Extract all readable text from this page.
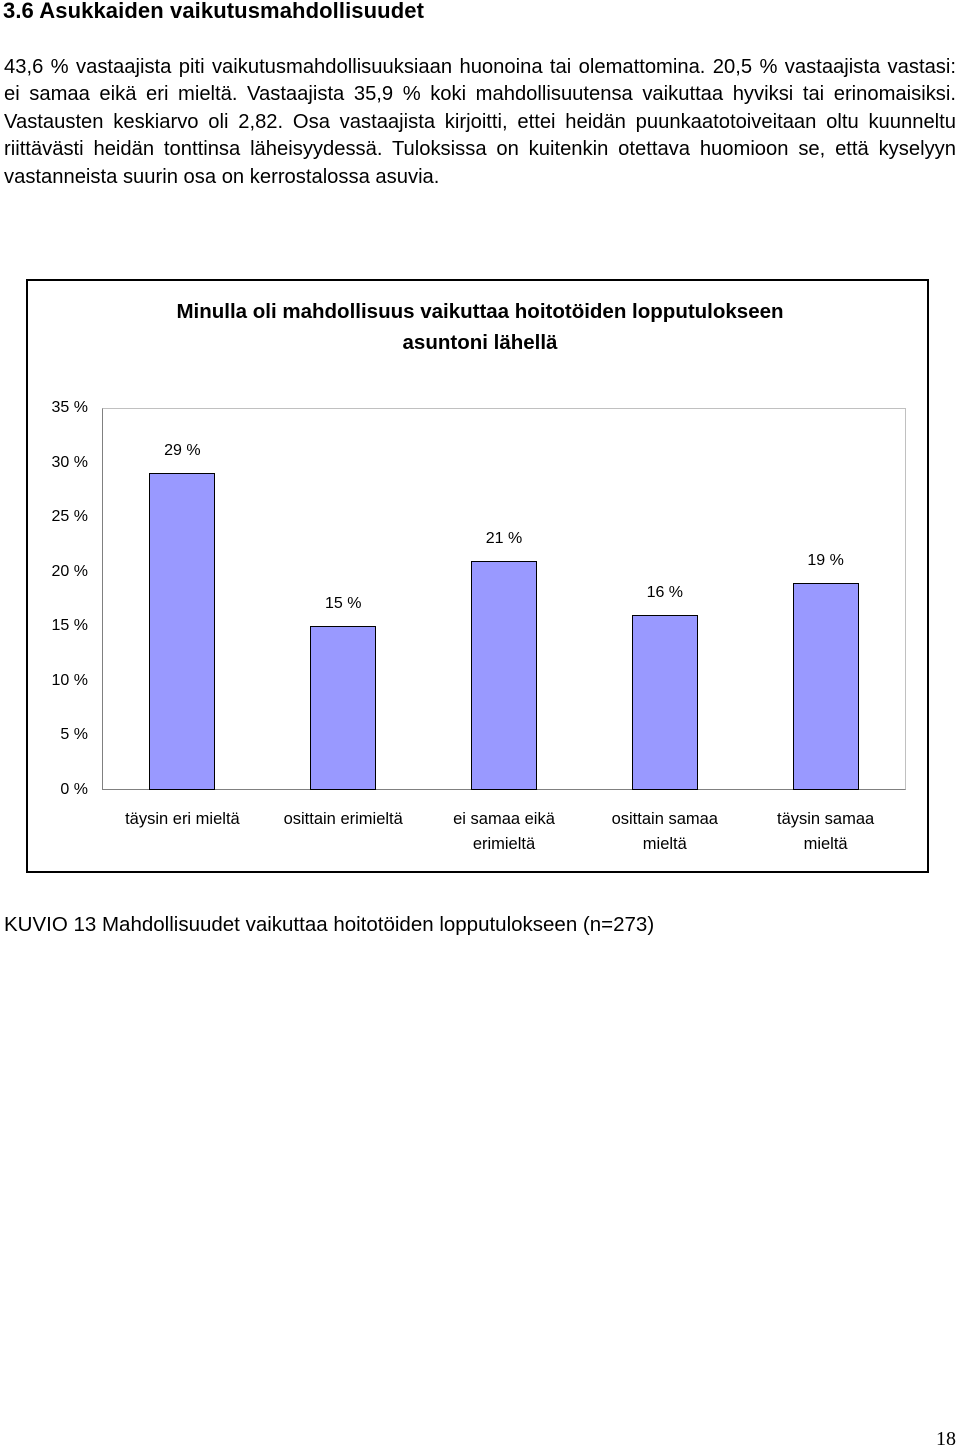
3.6 Asukkaiden vaikutusmahdollisuudet
43,6 % vastaajista piti vaikutusmahdollisuuksiaan huonoina tai olemattomina. 20,5 % vastaajista vastasi: ei samaa eikä eri mieltä. Vastaajista 35,9 % koki mahdollisuutensa vaikuttaa hyviksi tai erinomaisiksi. Vastausten keskiarvo oli 2,82. Osa vastaajista kirjoitti, ettei heidän puunkaatotoiveitaan oltu kuunneltu riittävästi heidän tonttinsa läheisyydessä. Tuloksissa on kuitenkin otettava huomioon se, että kyselyyn vastanneista suurin osa on kerrostalossa asuvia.
Minulla oli mahdollisuus vaikuttaa hoitotöiden lopputulokseen
asuntoni lähellä
0 %
5 %
10 %
15 %
20 %
25 %
30 %
35 %
29 %
15 %
21 %
16 %
19 %
täysin eri mieltä	osittain erimieltä	ei samaa eikä
erimieltä
osittain samaa
mieltä
täysin samaa
mieltä
KUVIO 13 Mahdollisuudet vaikuttaa hoitotöiden lopputulokseen (n=273)
18
